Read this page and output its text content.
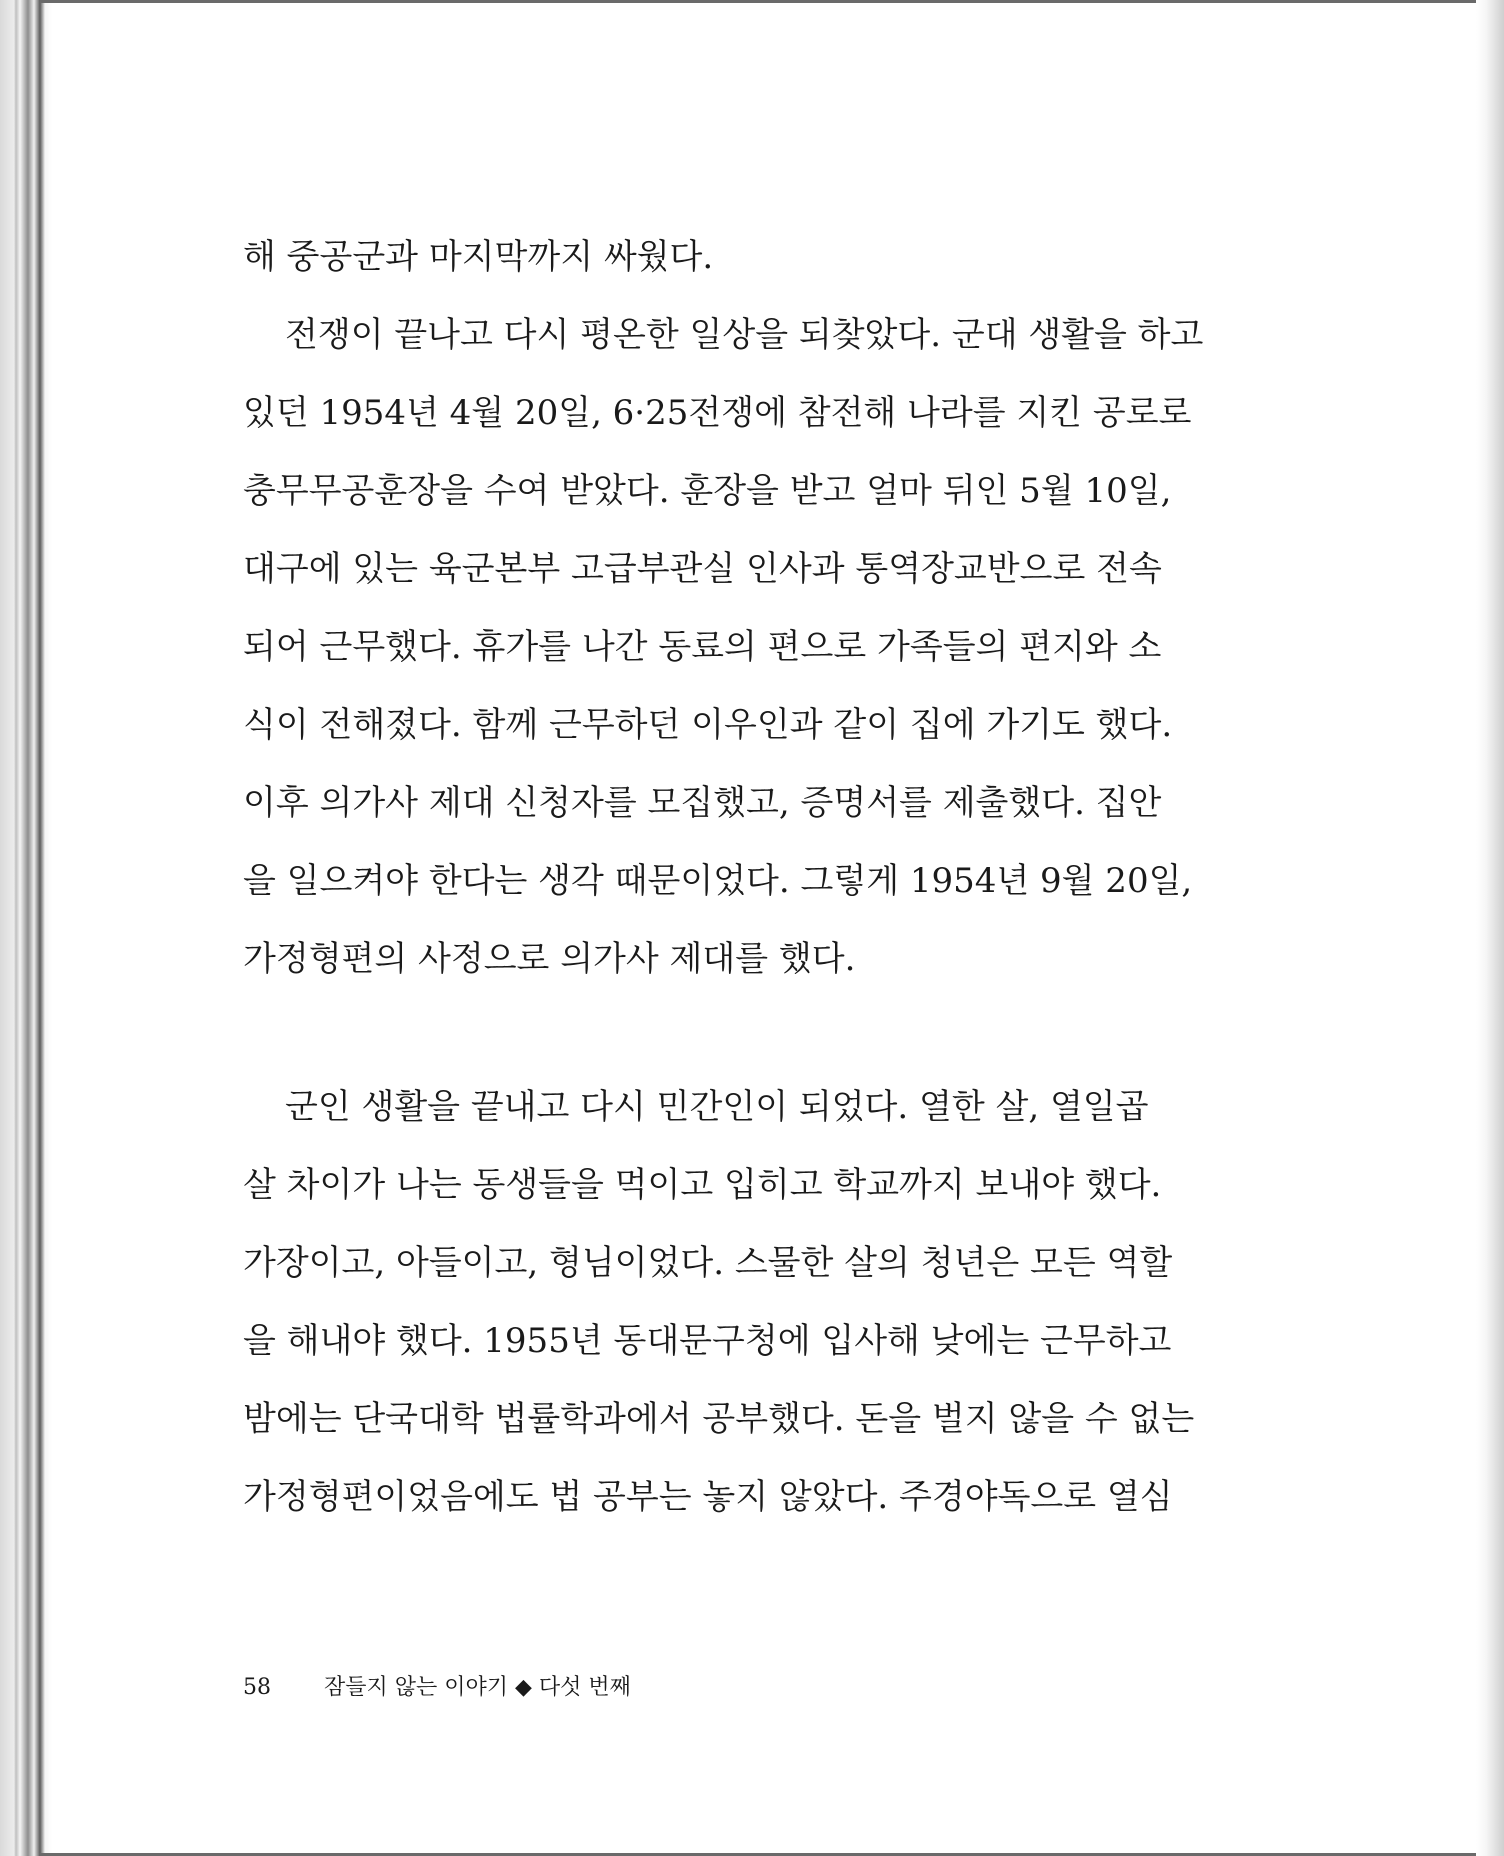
해 중공군과 마지막까지 싸웠다.
전쟁이 끝나고 다시 평온한 일상을 되찾았다. 군대 생활을 하고
있던 1954년 4월 20일, 6·25전쟁에 참전해 나라를 지킨 공로로
충무무공훈장을 수여 받았다. 훈장을 받고 얼마 뒤인 5월 10일,
대구에 있는 육군본부 고급부관실 인사과 통역장교반으로 전속
되어 근무했다. 휴가를 나간 동료의 편으로 가족들의 편지와 소
식이 전해졌다. 함께 근무하던 이우인과 같이 집에 가기도 했다.
이후 의가사 제대 신청자를 모집했고, 증명서를 제출했다. 집안
을 일으켜야 한다는 생각 때문이었다. 그렇게 1954년 9월 20일,
가정형편의 사정으로 의가사 제대를 했다.
군인 생활을 끝내고 다시 민간인이 되었다. 열한 살, 열일곱
살 차이가 나는 동생들을 먹이고 입히고 학교까지 보내야 했다.
가장이고, 아들이고, 형님이었다. 스물한 살의 청년은 모든 역할
을 해내야 했다. 1955년 동대문구청에 입사해 낮에는 근무하고
밤에는 단국대학 법률학과에서 공부했다. 돈을 벌지 않을 수 없는
가정형편이었음에도 법 공부는 놓지 않았다. 주경야독으로 열심
58 잠들지 않는 이야기 ◆ 다섯 번째
